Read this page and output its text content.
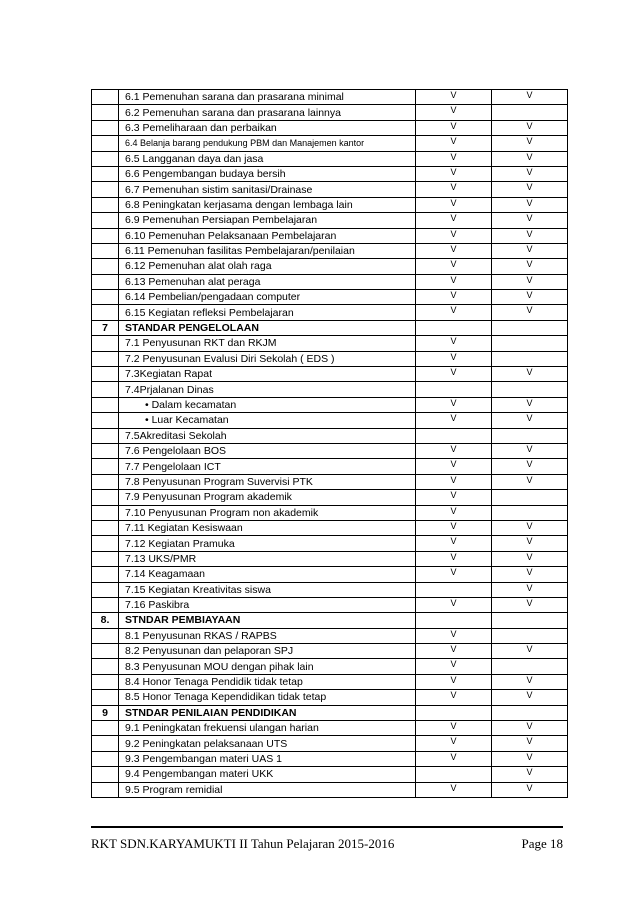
	6.1 Pemenuhan sarana dan prasarana minimal	V	V
	6.2 Pemenuhan sarana dan prasarana lainnya	V	
	6.3 Pemeliharaan dan perbaikan	V	V
	6.4 Belanja barang pendukung PBM dan Manajemen kantor	V	V
	6.5 Langganan daya dan jasa	V	V
	6.6 Pengembangan budaya bersih	V	V
	6.7 Pemenuhan sistim sanitasi/Drainase	V	V
	6.8 Peningkatan kerjasama dengan lembaga lain	V	V
	6.9 Pemenuhan Persiapan Pembelajaran	V	V
	6.10 Pemenuhan Pelaksanaan Pembelajaran	V	V
	6.11 Pemenuhan fasilitas Pembelajaran/penilaian	V	V
	6.12 Pemenuhan alat olah raga	V	V
	6.13 Pemenuhan alat peraga	V	V
	6.14 Pembelian/pengadaan computer	V	V
	6.15 Kegiatan refleksi Pembelajaran	V	V
7	STANDAR PENGELOLAAN		
	7.1 Penyusunan RKT dan RKJM	V	
	7.2 Penyusunan Evalusi Diri Sekolah ( EDS )	V	
	7.3Kegiatan Rapat	V	V
	7.4Prjalanan Dinas		
	• Dalam kecamatan	V	V
	• Luar Kecamatan	V	V
	7.5Akreditasi Sekolah		
	7.6 Pengelolaan BOS	V	V
	7.7 Pengelolaan ICT	V	V
	7.8 Penyusunan Program Suvervisi PTK	V	V
	7.9 Penyusunan Program akademik	V	
	7.10 Penyusunan Program non akademik	V	
	7.11 Kegiatan Kesiswaan	V	V
	7.12 Kegiatan Pramuka	V	V
	7.13 UKS/PMR	V	V
	7.14 Keagamaan	V	V
	7.15 Kegiatan Kreativitas siswa		V
	7.16 Paskibra	V	V
8.	STNDAR PEMBIAYAAN		
	8.1 Penyusunan RKAS / RAPBS	V	
	8.2 Penyusunan dan pelaporan SPJ	V	V
	8.3 Penyusunan MOU dengan pihak lain	V	
	8.4 Honor Tenaga Pendidik tidak tetap	V	V
	8.5 Honor Tenaga Kependidikan tidak tetap	V	V
9	STNDAR PENILAIAN PENDIDIKAN		
	9.1 Peningkatan frekuensi ulangan harian	V	V
	9.2 Peningkatan pelaksanaan UTS	V	V
	9.3 Pengembangan materi UAS 1	V	V
	9.4 Pengembangan materi UKK		V
	9.5 Program remidial	V	V
RKT SDN.KARYAMUKTI II Tahun Pelajaran 2015-2016	Page 18
